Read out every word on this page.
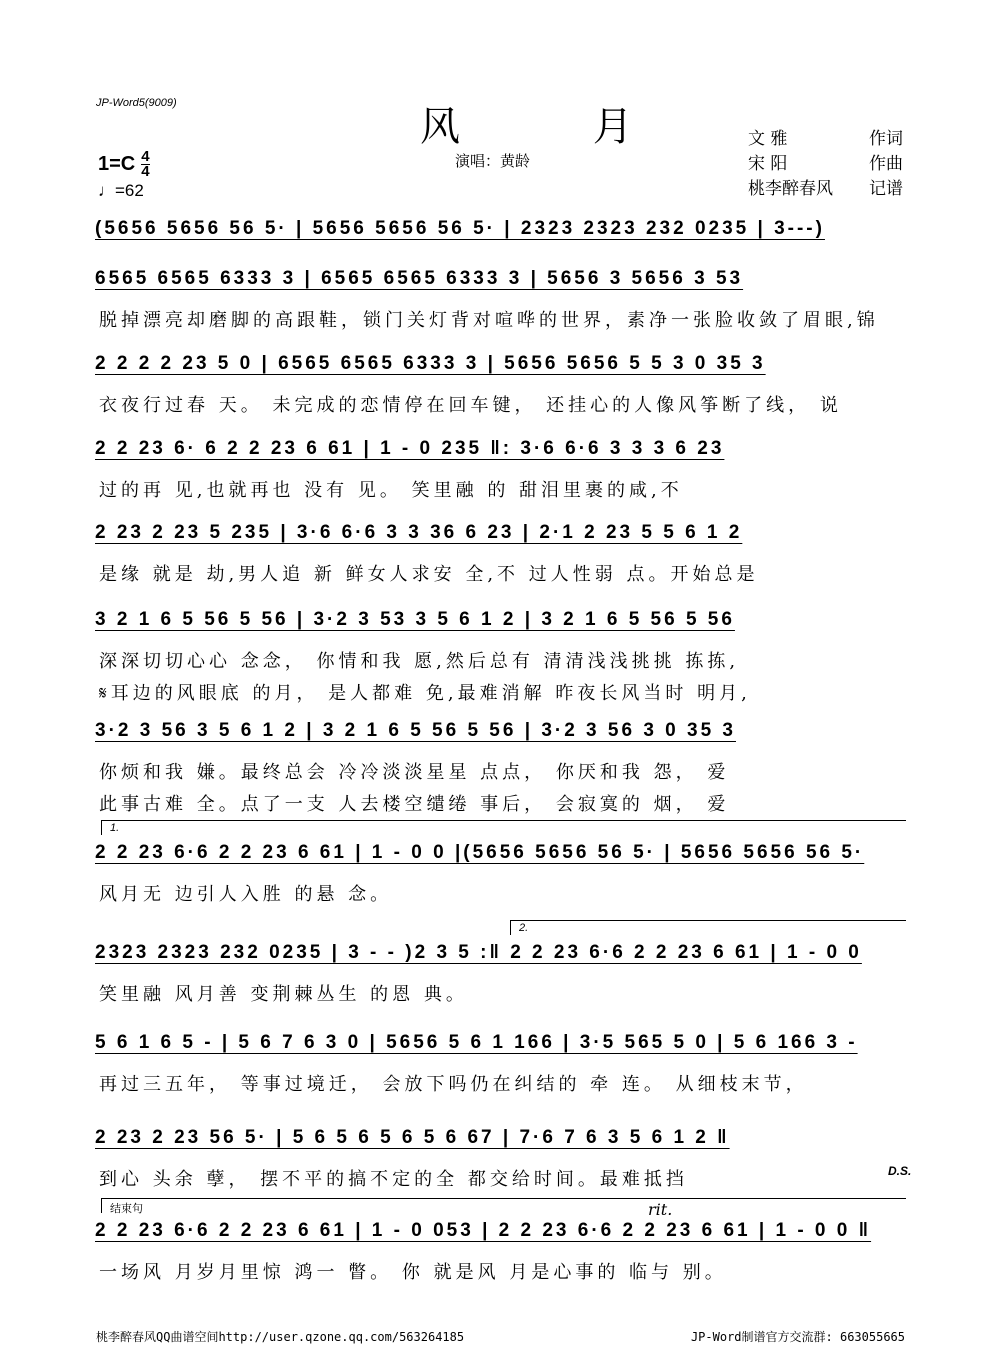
JP-Word5(9009)
风 月
演唱：黄龄
文 雅	作词
宋 阳	作曲
桃李醉春风 记谱
$1=C \frac{4}{4}$
♩=62
(5656 5656 56 5· | 5656 5656 56 5· | 2323 2323 232 0235 | 3---)
6565 6565 6333 3 | 6565 6565 6333 3 | 5656 3 5656 3 53
脱掉漂亮却磨脚的高跟鞋，锁门关灯背对喧哗的世界，素净一张脸收敛了眉眼,锦
2 2 2 2 23 5 0 | 6565 6565 6333 3 | 5656 5656 5 5 3 0 35 3
衣夜行过春 天。 未完成的恋情停在回车键， 还挂心的人像风筝断了线， 说
2 2 23 6· 6 2 2 23 6 61 | 1 - 0 235 ‖: 3·6 6·6 3 3 3 6 23
过的再 见,也就再也 没有 见。 笑里融 的 甜泪里裹的咸,不
2 23 2 23 5 235 | 3·6 6·6 3 3 36 6 23 | 2·1 2 23 5 5 6 1 2
是缘 就是 劫,男人追 新 鲜女人求安 全,不 过人性弱 点。开始总是
3 2 1 6 5 56 5 56 | 3·2 3 53 3 5 6 1 2 | 3 2 1 6 5 56 5 56
深深切切心心 念念， 你情和我 愿,然后总有 清清浅浅挑挑 拣拣,
𝄋耳边的风眼底 的月， 是人都难 免,最难消解 昨夜长风当时 明月,
3·2 3 56 3 5 6 1 2 | 3 2 1 6 5 56 5 56 | 3·2 3 56 3 0 35 3
你烦和我 嫌。最终总会 冷冷淡淡星星 点点， 你厌和我 怨， 爱
此事古难 全。点了一支 人去楼空缱绻 事后， 会寂寞的 烟， 爱
1.
2 2 23 6·6 2 2 23 6 61 | 1 - 0 0 |(5656 5656 56 5· | 5656 5656 56 5·
风月无 边引人入胜 的悬 念。
2.
2323 2323 232 0235 | 3 - - )2 3 5 :‖ 2 2 23 6·6 2 2 23 6 61 | 1 - 0 0
笑里融 风月善 变荆棘丛生 的恩 典。
5 6 1 6 5 - | 5 6 7 6 3 0 | 5656 5 6 1 166 | 3·5 565 5 0 | 5 6 166 3 -
再过三五年， 等事过境迁， 会放下吗仍在纠结的 牵 连。 从细枝末节，
2 23 2 23 56 5· | 5 6 5 6 5 6 5 6 67 | 7·6 7 6 3 5 6 1 2 ‖
到心 头余 孽， 摆不平的搞不定的全 都交给时间。最难抵挡	D.S.
结束句	rit.
2 2 23 6·6 2 2 23 6 61 | 1 - 0 053 | 2 2 23 6·6 2 2 23 6 61 | 1 - 0 0 ‖
一场风 月岁月里惊 鸿一 瞥。 你 就是风 月是心事的 临与 别。
桃李醉春风QQ曲谱空间http://user.qzone.qq.com/563264185	JP-Word制谱官方交流群: 663055665
